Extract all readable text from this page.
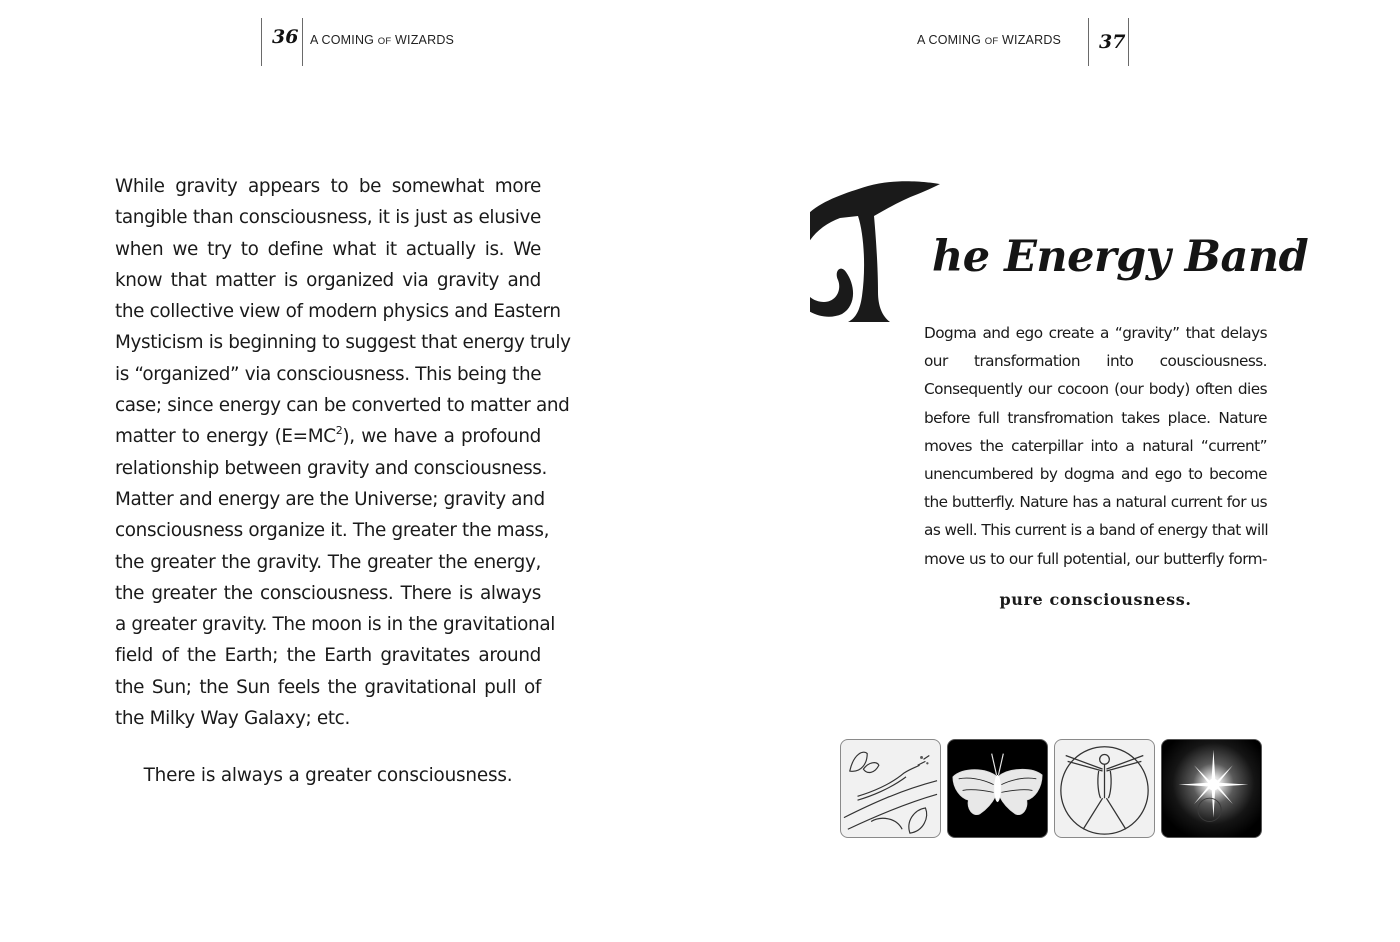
36 A COMING OF WIZARDS
While gravity appears to be somewhat more
tangible than consciousness, it is just as elusive
when we try to define what it actually is. We
know that matter is organized via gravity and
the collective view of modern physics and Eastern
Mysticism is beginning to suggest that energy truly
is “organized” via consciousness. This being the
case; since energy can be converted to matter and
matter to energy $(E=MC^2)$, we have a profound
relationship between gravity and consciousness.
Matter and energy are the Universe; gravity and
consciousness organize it. The greater the mass,
the greater the gravity. The greater the energy,
the greater the consciousness. There is always
a greater gravity. The moon is in the gravitational
field of the Earth; the Earth gravitates around
the Sun; the Sun feels the gravitational pull of
the Milky Way Galaxy; etc.
There is always a greater consciousness.
A COMING OF WIZARDS 37
he Energy Band
Dogma and ego create a “gravity” that delays
our transformation into cousciousness.
Consequently our cocoon (our body) often dies
before full transfromation takes place. Nature
moves the caterpillar into a natural “current”
unencumbered by dogma and ego to become
the butterfly. Nature has a natural current for us
as well. This current is a band of energy that will
move us to our full potential, our butterfly form-
pure consciousness.
